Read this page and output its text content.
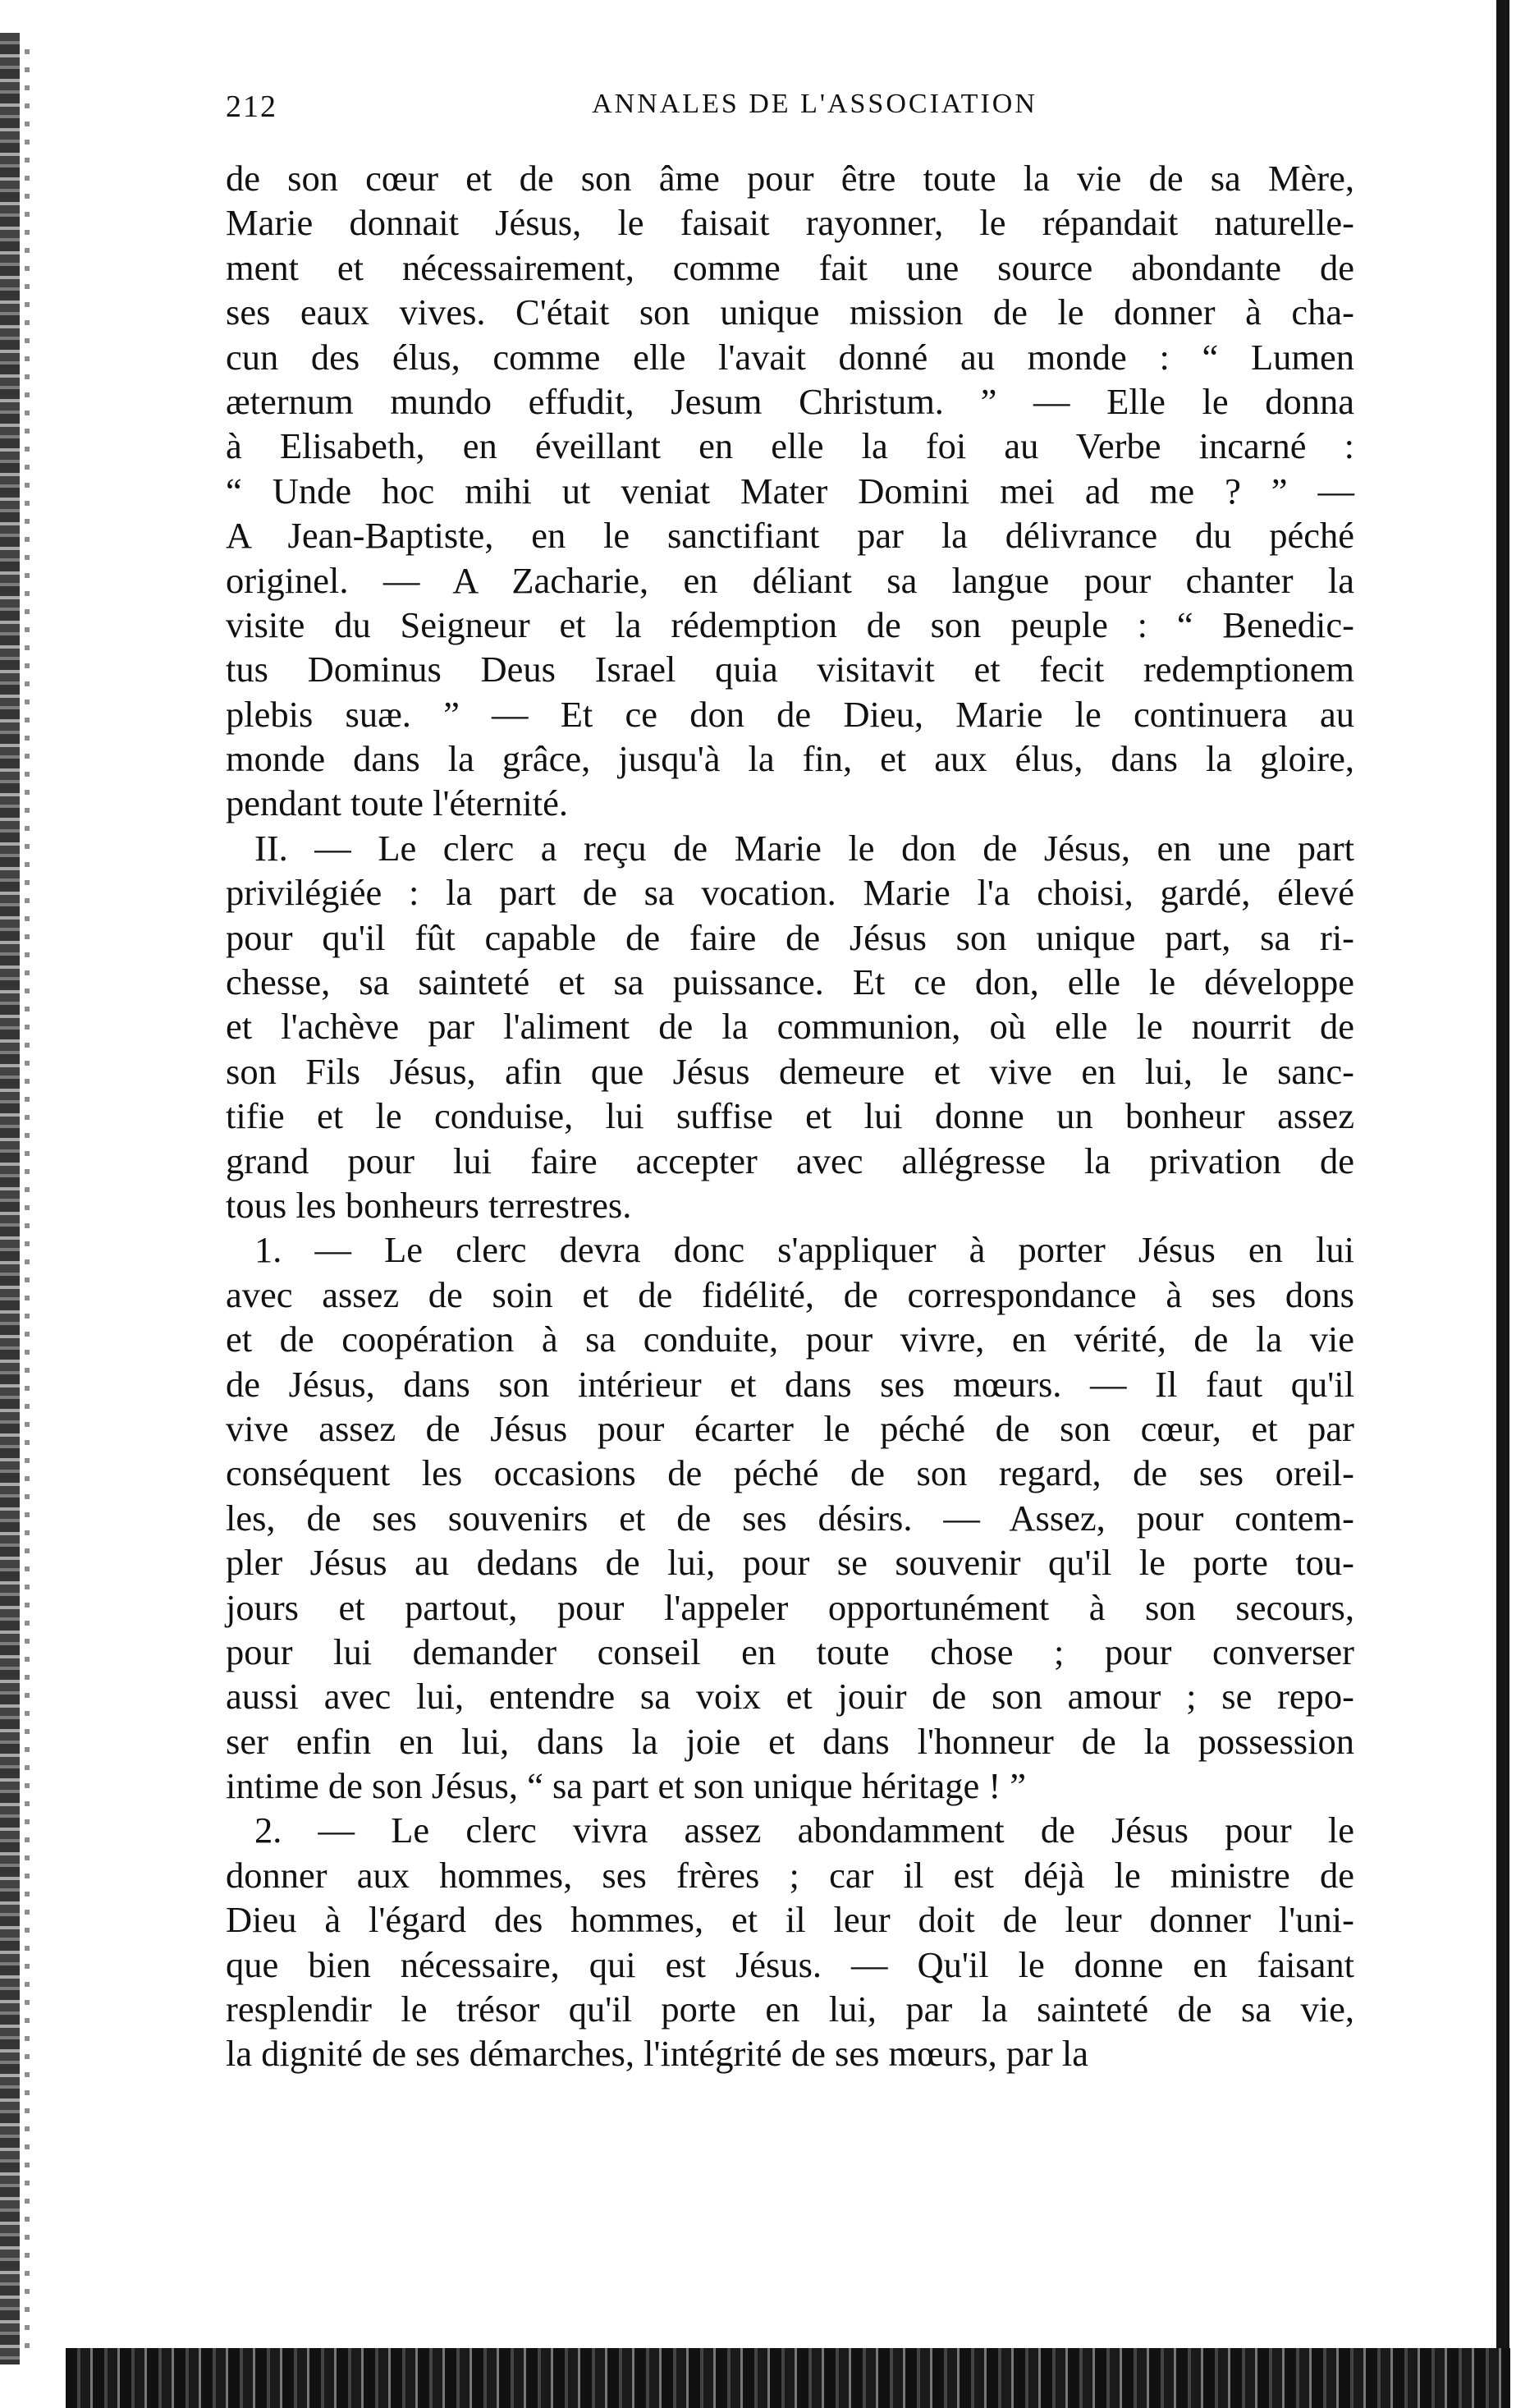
212	ANNALES DE L'ASSOCIATION
de son cœur et de son âme pour être toute la vie de sa Mère,
Marie donnait Jésus, le faisait rayonner, le répandait naturelle-
ment et nécessairement, comme fait une source abondante de
ses eaux vives. C'était son unique mission de le donner à cha-
cun des élus, comme elle l'avait donné au monde : “ Lumen
æternum mundo effudit, Jesum Christum. ” — Elle le donna
à Elisabeth, en éveillant en elle la foi au Verbe incarné :
“ Unde hoc mihi ut veniat Mater Domini mei ad me ? ” —
A Jean-Baptiste, en le sanctifiant par la délivrance du péché
originel. — A Zacharie, en déliant sa langue pour chanter la
visite du Seigneur et la rédemption de son peuple : “ Benedic-
tus Dominus Deus Israel quia visitavit et fecit redemptionem
plebis suæ. ” — Et ce don de Dieu, Marie le continuera au
monde dans la grâce, jusqu'à la fin, et aux élus, dans la gloire,
pendant toute l'éternité.
II. — Le clerc a reçu de Marie le don de Jésus, en une part
privilégiée : la part de sa vocation. Marie l'a choisi, gardé, élevé
pour qu'il fût capable de faire de Jésus son unique part, sa ri-
chesse, sa sainteté et sa puissance. Et ce don, elle le développe
et l'achève par l'aliment de la communion, où elle le nourrit de
son Fils Jésus, afin que Jésus demeure et vive en lui, le sanc-
tifie et le conduise, lui suffise et lui donne un bonheur assez
grand pour lui faire accepter avec allégresse la privation de
tous les bonheurs terrestres.
1. — Le clerc devra donc s'appliquer à porter Jésus en lui
avec assez de soin et de fidélité, de correspondance à ses dons
et de coopération à sa conduite, pour vivre, en vérité, de la vie
de Jésus, dans son intérieur et dans ses mœurs. — Il faut qu'il
vive assez de Jésus pour écarter le péché de son cœur, et par
conséquent les occasions de péché de son regard, de ses oreil-
les, de ses souvenirs et de ses désirs. — Assez, pour contem-
pler Jésus au dedans de lui, pour se souvenir qu'il le porte tou-
jours et partout, pour l'appeler opportunément à son secours,
pour lui demander conseil en toute chose ; pour converser
aussi avec lui, entendre sa voix et jouir de son amour ; se repo-
ser enfin en lui, dans la joie et dans l'honneur de la possession
intime de son Jésus, “ sa part et son unique héritage ! ”
2. — Le clerc vivra assez abondamment de Jésus pour le
donner aux hommes, ses frères ; car il est déjà le ministre de
Dieu à l'égard des hommes, et il leur doit de leur donner l'uni-
que bien nécessaire, qui est Jésus. — Qu'il le donne en faisant
resplendir le trésor qu'il porte en lui, par la sainteté de sa vie,
la dignité de ses démarches, l'intégrité de ses mœurs, par la
